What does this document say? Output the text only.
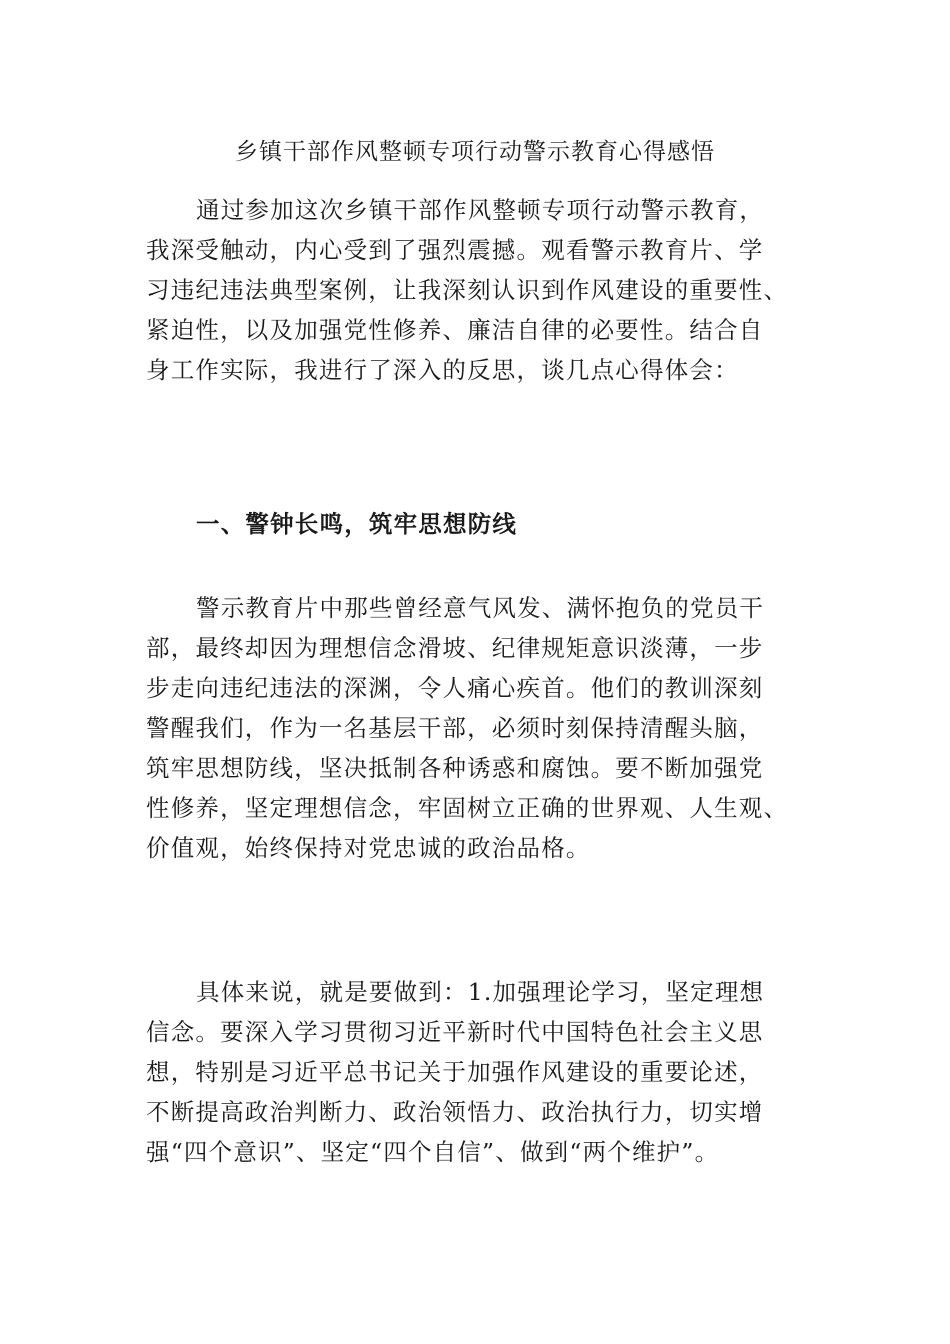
乡镇干部作风整顿专项行动警示教育心得感悟
通过参加这次乡镇干部作风整顿专项行动警示教育，
我深受触动，内心受到了强烈震撼。观看警示教育片、学
习违纪违法典型案例，让我深刻认识到作风建设的重要性、
紧迫性，以及加强党性修养、廉洁自律的必要性。结合自
身工作实际，我进行了深入的反思，谈几点心得体会：
一、警钟长鸣，筑牢思想防线
警示教育片中那些曾经意气风发、满怀抱负的党员干
部，最终却因为理想信念滑坡、纪律规矩意识淡薄，一步
步走向违纪违法的深渊，令人痛心疾首。他们的教训深刻
警醒我们，作为一名基层干部，必须时刻保持清醒头脑，
筑牢思想防线，坚决抵制各种诱惑和腐蚀。要不断加强党
性修养，坚定理想信念，牢固树立正确的世界观、人生观、
价值观，始终保持对党忠诚的政治品格。
具体来说，就是要做到：1.加强理论学习，坚定理想
信念。要深入学习贯彻习近平新时代中国特色社会主义思
想，特别是习近平总书记关于加强作风建设的重要论述，
不断提高政治判断力、政治领悟力、政治执行力，切实增
强“四个意识”、坚定“四个自信”、做到“两个维护”。
